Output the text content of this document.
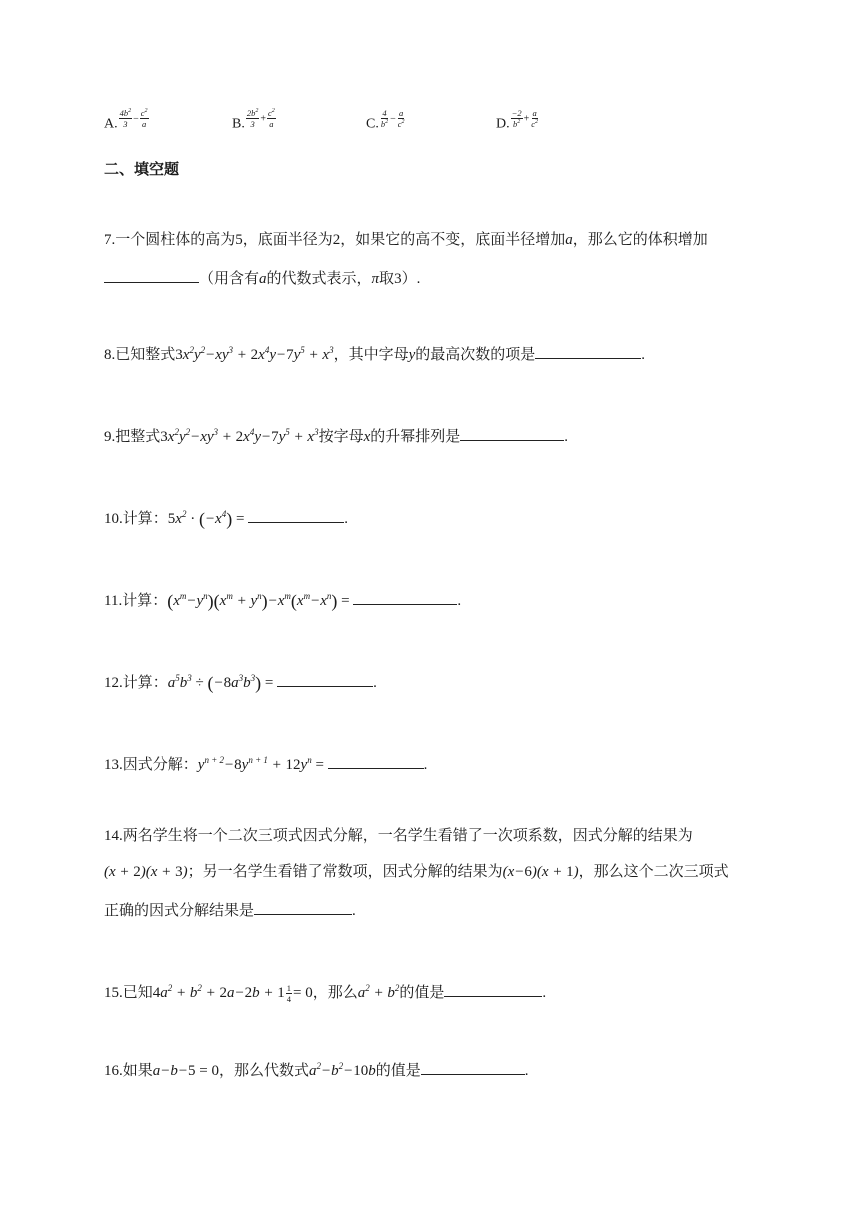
A. $\frac{4b^2}{3} - \frac{c^2}{a}$	B. $\frac{2b^2}{3} + \frac{c^2}{a}$	C. $\frac{4}{b^2} - \frac{a}{c^2}$	D. $\frac{-2}{b^2} + \frac{a}{c^2}$
二、填空题
7.一个圆柱体的高为5，底面半径为2，如果它的高不变，底面半径增加a，那么它的体积增加
（用含有a的代数式表示，π取3）.
8.已知整式$3x^2y^2-xy^3 + 2x^4y-7y^5 + x^3$，其中字母y的最高次数的项是	.
9.把整式$3x^2y^2-xy^3 + 2x^4y-7y^5 + x^3$按字母x的升幂排列是	.
10.计算：$5x^2 \cdot (-x^4)$ =	.
11.计算：$(x^m-y^n)(x^m + y^n)-x^m(x^m-x^n)$ =	.
12.计算：$a^5b^3 \div (-8a^3b^3)$ =	.
13.因式分解：$y^{n + 2}-8y^{n + 1} + 12y^n$ =	.
14.两名学生将一个二次三项式因式分解，一名学生看错了一次项系数，因式分解的结果为
(x + 2)(x + 3)；另一名学生看错了常数项，因式分解的结果为(x−6)(x + 1)，那么这个二次三项式
正确的因式分解结果是	.
15.已知$4a^2 + b^2 + 2a-2b + 1 \frac{1}{4} = 0$，那么$a^2 + b^2$的值是	.
16.如果a−b−5 = 0，那么代数式$a^2-b^2-10b$的值是	.
